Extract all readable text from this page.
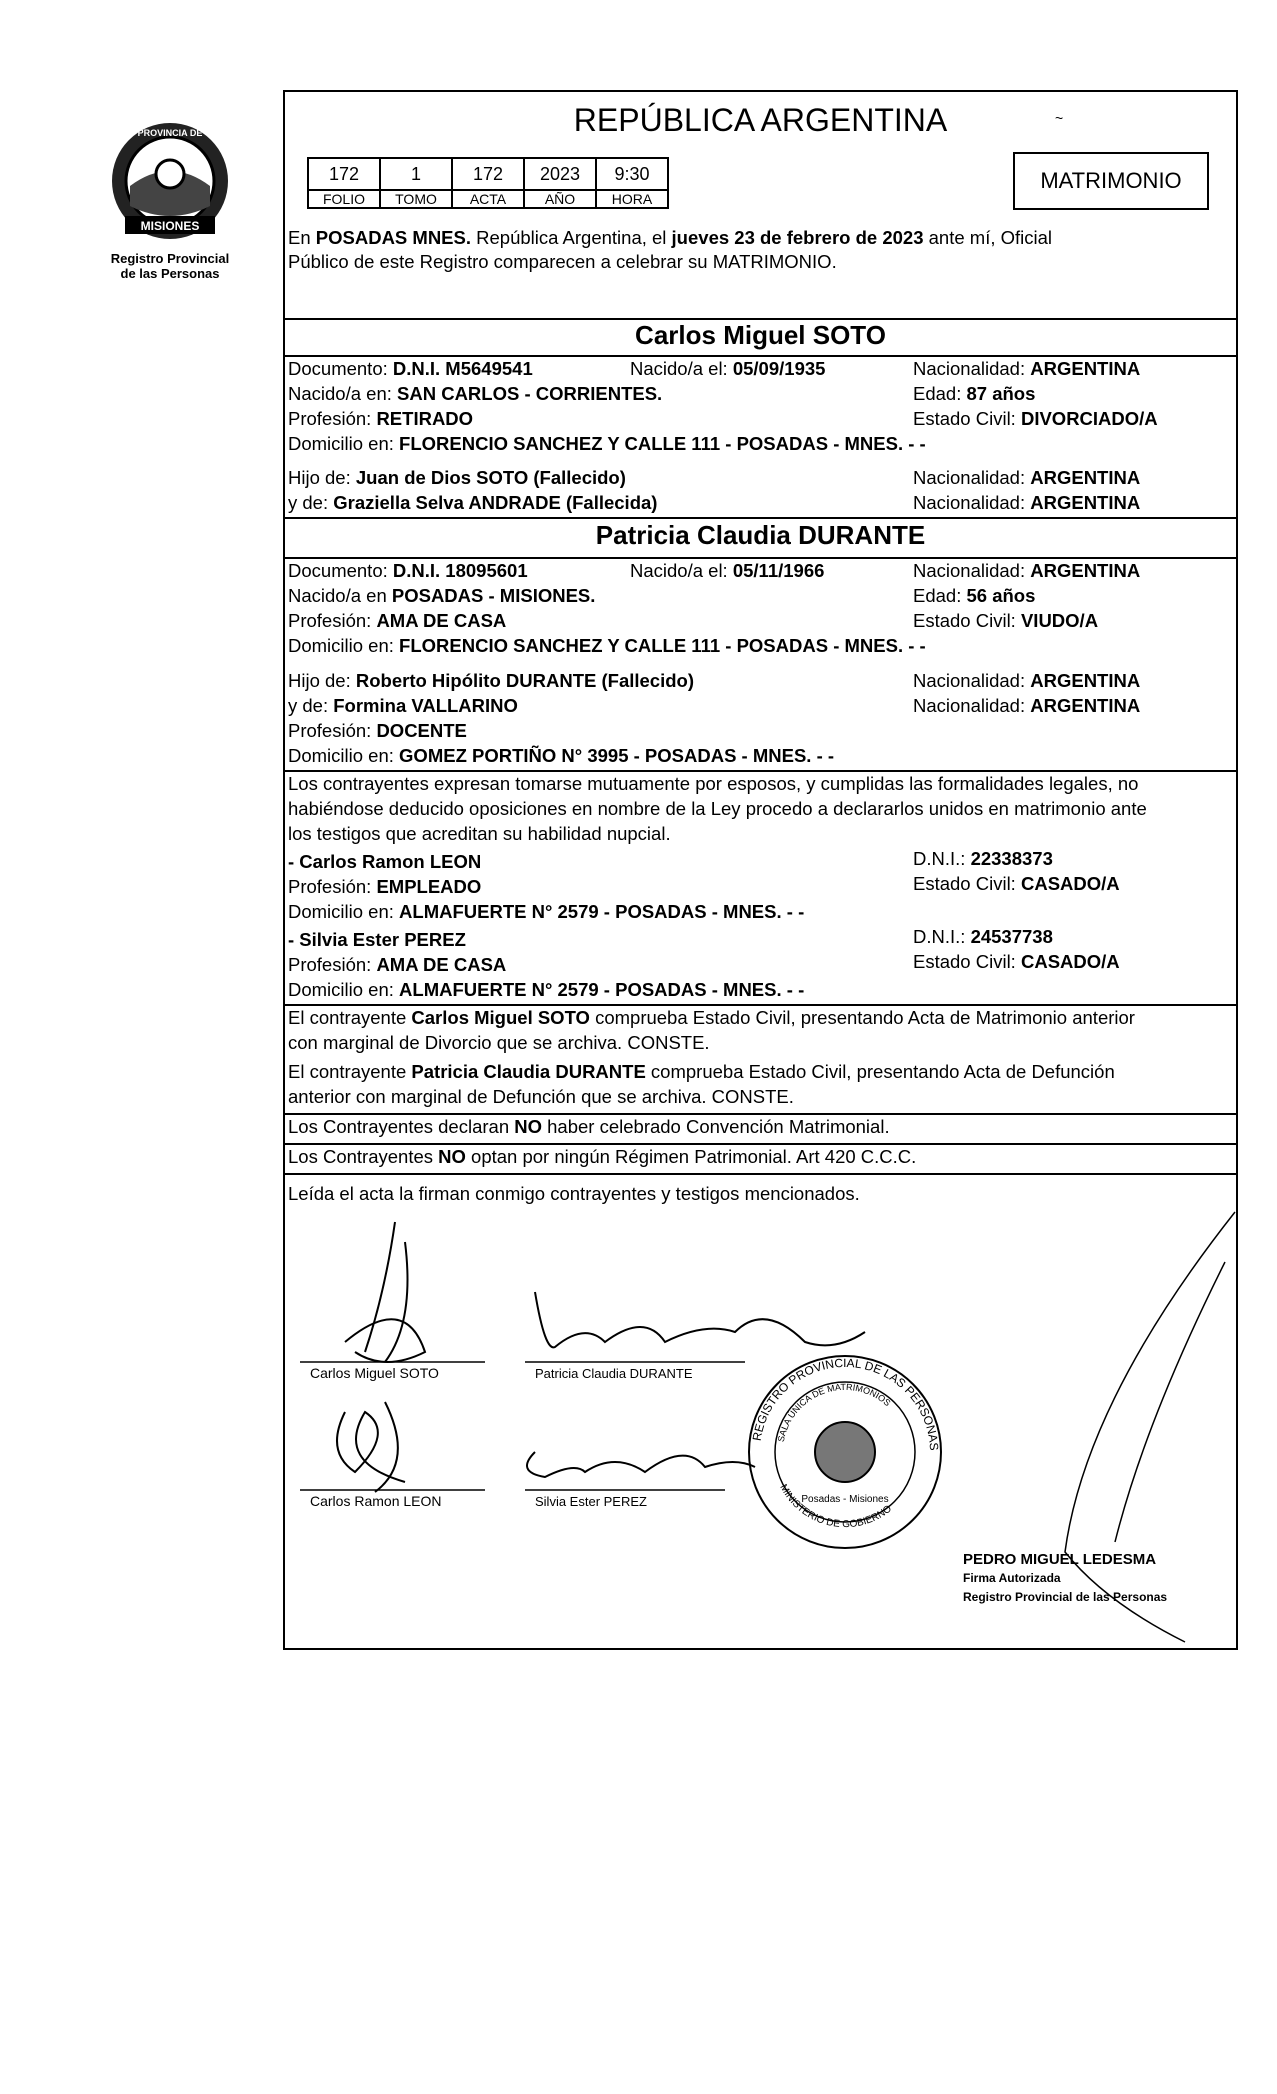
MISIONES
PROVINCIA DE
Registro Provincial
de las Personas
REPÚBLICA ARGENTINA	~
172	1	172	2023	9:30
FOLIO	TOMO	ACTA	AÑO	HORA
MATRIMONIO
En POSADAS MNES. República Argentina, el jueves 23 de febrero de 2023 ante mí, Oficial
Público de este Registro comparecen a celebrar su MATRIMONIO.
Carlos Miguel SOTO
Documento: D.N.I. M5649541	Nacido/a el: 05/09/1935	Nacionalidad: ARGENTINA
Nacido/a en: SAN CARLOS - CORRIENTES.	Edad: 87 años
Profesión: RETIRADO	Estado Civil: DIVORCIADO/A
Domicilio en: FLORENCIO SANCHEZ Y CALLE 111 - POSADAS - MNES. - -
Hijo de: Juan de Dios SOTO (Fallecido)	Nacionalidad: ARGENTINA
y de: Graziella Selva ANDRADE (Fallecida)	Nacionalidad: ARGENTINA
Patricia Claudia DURANTE
Documento: D.N.I. 18095601	Nacido/a el: 05/11/1966	Nacionalidad: ARGENTINA
Nacido/a en POSADAS - MISIONES.	Edad: 56 años
Profesión: AMA DE CASA	Estado Civil: VIUDO/A
Domicilio en: FLORENCIO SANCHEZ Y CALLE 111 - POSADAS - MNES. - -
Hijo de: Roberto Hipólito DURANTE (Fallecido)	Nacionalidad: ARGENTINA
y de: Formina VALLARINO	Nacionalidad: ARGENTINA
Profesión: DOCENTE
Domicilio en: GOMEZ PORTIÑO N° 3995 - POSADAS - MNES. - -
Los contrayentes expresan tomarse mutuamente por esposos, y cumplidas las formalidades legales, no
habiéndose deducido oposiciones en nombre de la Ley procedo a declararlos unidos en matrimonio ante
los testigos que acreditan su habilidad nupcial.
- Carlos Ramon LEON	D.N.I.: 22338373
Profesión: EMPLEADO	Estado Civil: CASADO/A
Domicilio en: ALMAFUERTE N° 2579 - POSADAS - MNES. - -
- Silvia Ester PEREZ	D.N.I.: 24537738
Profesión: AMA DE CASA	Estado Civil: CASADO/A
Domicilio en: ALMAFUERTE N° 2579 - POSADAS - MNES. - -
El contrayente Carlos Miguel SOTO comprueba Estado Civil, presentando Acta de Matrimonio anterior
con marginal de Divorcio que se archiva. CONSTE.
El contrayente Patricia Claudia DURANTE comprueba Estado Civil, presentando Acta de Defunción
anterior con marginal de Defunción que se archiva. CONSTE.
Los Contrayentes declaran NO haber celebrado Convención Matrimonial.
Los Contrayentes NO optan por ningún Régimen Patrimonial. Art 420 C.C.C.
Leída el acta la firman conmigo contrayentes y testigos mencionados.
Carlos Miguel SOTO	Patricia Claudia DURANTE
Carlos Ramon LEON	Silvia Ester PEREZ
REGISTRO PROVINCIAL DE LAS PERSONAS
SALA ÚNICA DE MATRIMONIOS
MINISTERIO DE GOBIERNO
Posadas - Misiones
PEDRO MIGUEL LEDESMA
Firma Autorizada
Registro Provincial de las Personas
